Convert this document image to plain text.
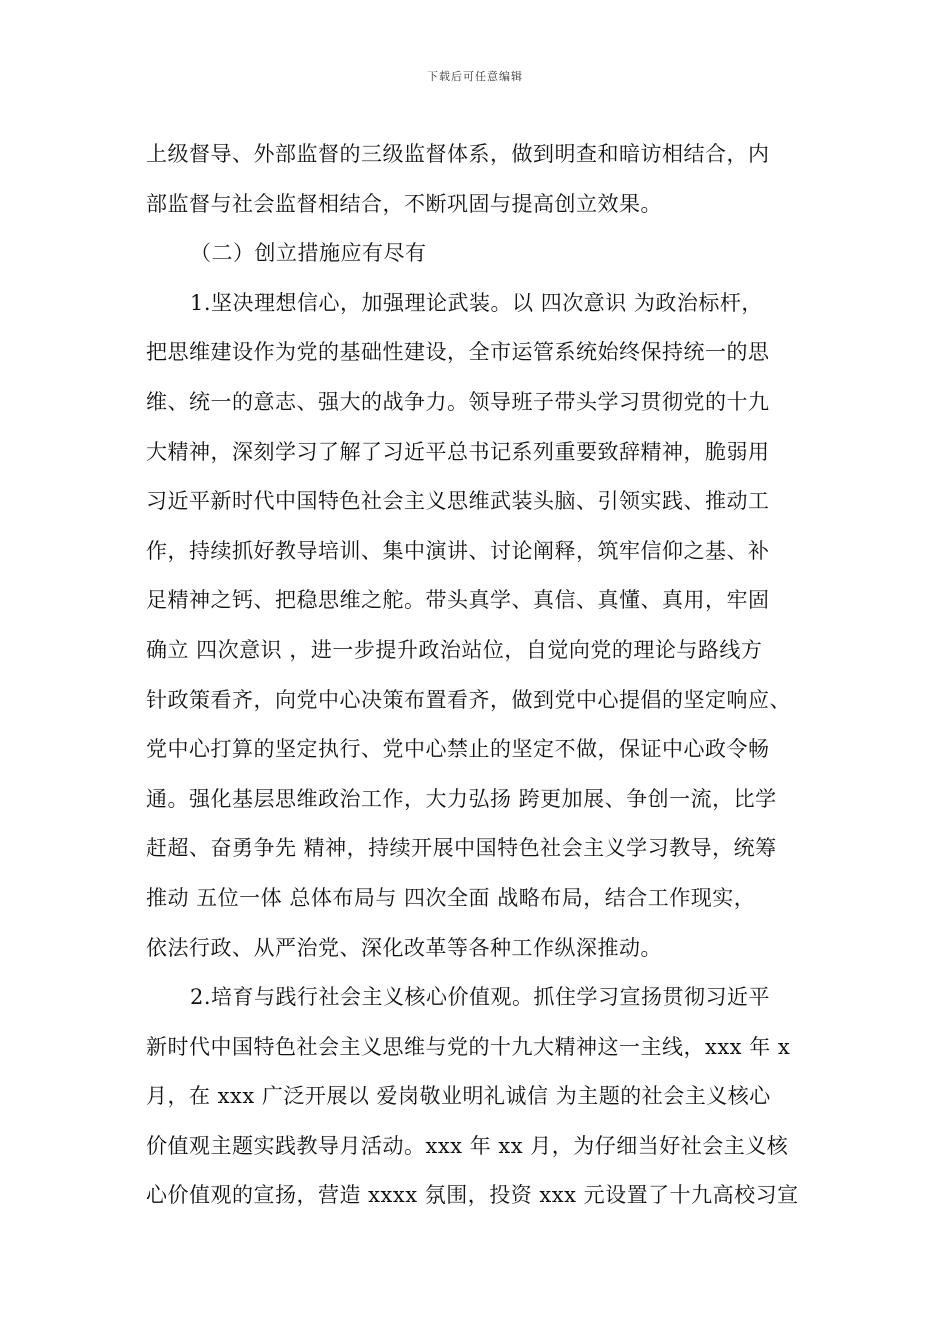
下载后可任意编辑
上级督导、外部监督的三级监督体系，做到明查和暗访相结合，内
部监督与社会监督相结合，不断巩固与提高创立效果。
（二）创立措施应有尽有
1.坚决理想信心，加强理论武装。以 四次意识 为政治标杆，
把思维建设作为党的基础性建设，全市运管系统始终保持统一的思
维、统一的意志、强大的战争力。领导班子带头学习贯彻党的十九
大精神，深刻学习了解了习近平总书记系列重要致辞精神，脆弱用
习近平新时代中国特色社会主义思维武装头脑、引领实践、推动工
作，持续抓好教导培训、集中演讲、讨论阐释，筑牢信仰之基、补
足精神之钙、把稳思维之舵。带头真学、真信、真懂、真用，牢固
确立 四次意识 ，进一步提升政治站位，自觉向党的理论与路线方
针政策看齐，向党中心决策布置看齐，做到党中心提倡的坚定响应、
党中心打算的坚定执行、党中心禁止的坚定不做，保证中心政令畅
通。强化基层思维政治工作，大力弘扬 跨更加展、争创一流，比学
赶超、奋勇争先 精神，持续开展中国特色社会主义学习教导，统筹
推动 五位一体 总体布局与 四次全面 战略布局，结合工作现实，
依法行政、从严治党、深化改革等各种工作纵深推动。
2.培育与践行社会主义核心价值观。抓住学习宣扬贯彻习近平
新时代中国特色社会主义思维与党的十九大精神这一主线，xxx 年 x
月，在 xxx 广泛开展以 爱岗敬业明礼诚信 为主题的社会主义核心
价值观主题实践教导月活动。xxx 年 xx 月，为仔细当好社会主义核
心价值观的宣扬，营造 xxxx 氛围，投资 xxx 元设置了十九高校习宣
